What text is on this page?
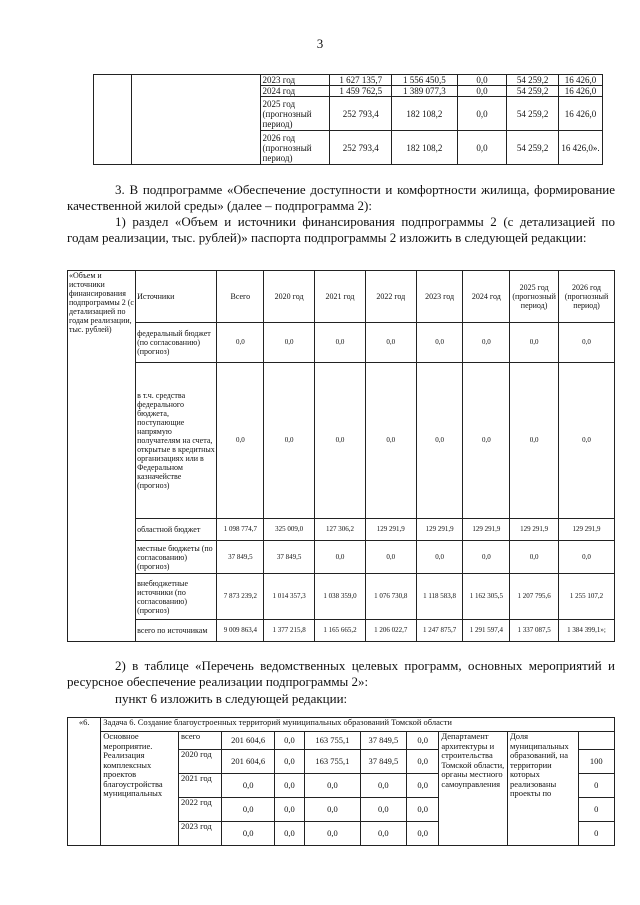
3
		2023 год	1 627 135,7	1 556 450,5	0,0	54 259,2	16 426,0
		2024 год	1 459 762,5	1 389 077,3	0,0	54 259,2	16 426,0
		2025 год (прогнозный период)	252 793,4	182 108,2	0,0	54 259,2	16 426,0
		2026 год (прогнозный период)	252 793,4	182 108,2	0,0	54 259,2	16 426,0».

3. В подпрограмме «Обеспечение доступности и комфортности жилища, формирование качественной жилой среды» (далее – подпрограмма 2):

1) раздел «Объем и источники финансирования подпрограммы 2 (с детализацией по годам реализации, тыс. рублей)» паспорта подпрограммы 2 изложить в следующей редакции:

«Объем и источники финансирования подпрограммы 2 (с детализацией по годам реализации, тыс. рублей)	Источники	Всего	2020 год	2021 год	2022 год	2023 год	2024 год	2025 год (прогнозный период)	2026 год (прогнозный период)
	федеральный бюджет (по согласованию) (прогноз)	0,0	0,0	0,0	0,0	0,0	0,0	0,0	0,0
	в т.ч. средства федерального бюджета, поступающие напрямую получателям на счета, открытые в кредитных организациях или в Федеральном казначействе (прогноз)	0,0	0,0	0,0	0,0	0,0	0,0	0,0	0,0
	областной бюджет	1 098 774,7	325 009,0	127 306,2	129 291,9	129 291,9	129 291,9	129 291,9	129 291,9
	местные бюджеты (по согласованию) (прогноз)	37 849,5	37 849,5	0,0	0,0	0,0	0,0	0,0	0,0
	внебюджетные источники (по согласованию) (прогноз)	7 873 239,2	1 014 357,3	1 038 359,0	1 076 730,8	1 118 583,8	1 162 305,5	1 207 795,6	1 255 107,2
	всего по источникам	9 009 863,4	1 377 215,8	1 165 665,2	1 206 022,7	1 247 875,7	1 291 597,4	1 337 087,5	1 384 399,1»;

2) в таблице «Перечень ведомственных целевых программ, основных мероприятий и ресурсное обеспечение реализации подпрограммы 2»:

пункт 6 изложить в следующей редакции:

«6.	Задача 6. Создание благоустроенных территорий муниципальных образований Томской области									
	Основное мероприятие. Реализация комплексных проектов благоустройства муниципальных	всего	201 604,6	0,0	163 755,1	37 849,5	0,0	Департамент архитектуры и строительства Томской области, органы местного самоуправления	Доля муниципальных образований, на территории которых реализованы проекты по	
		2020 год	201 604,6	0,0	163 755,1	37 849,5	0,0			100
		2021 год	0,0	0,0	0,0	0,0	0,0			0
		2022 год	0,0	0,0	0,0	0,0	0,0			0
		2023 год	0,0	0,0	0,0	0,0	0,0			0
